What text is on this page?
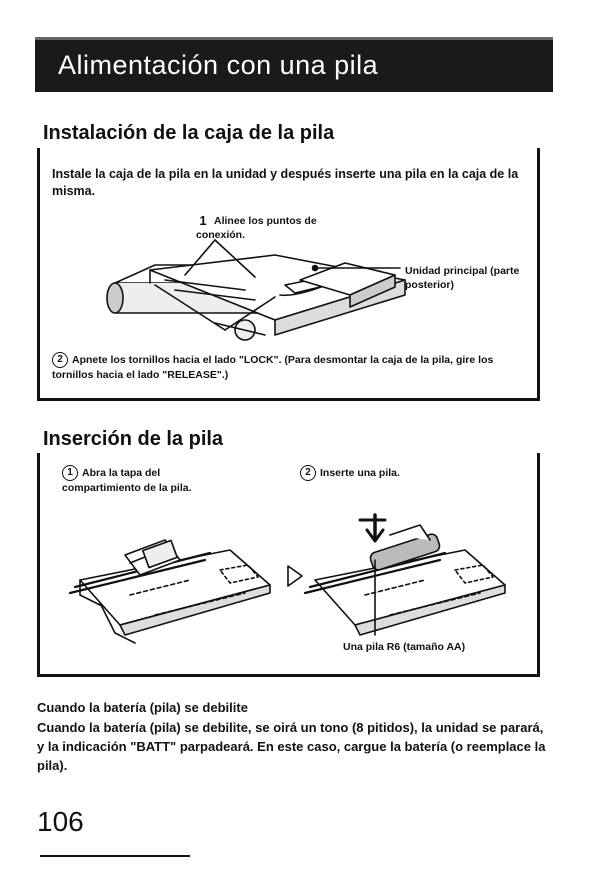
Alimentación con una pila
Instalación de la caja de la pila
Instale la caja de la pila en la unidad y después inserte una pila en la caja de la misma.
1 Alinee los puntos de conexión.
Unidad principal (parte posterior)
2 Apnete los tornillos hacia el lado "LOCK". (Para desmontar la caja de la pila, gire los tornillos hacia el lado "RELEASE".)
Inserción de la pila
1 Abra la tapa del compartimiento de la pila.
2 Inserte una pila.
Una pila R6 (tamaño AA)
Cuando la batería (pila) se debilite
Cuando la batería (pila) se debilite, se oirá un tono (8 pitidos), la unidad se parará, y la indicación "BATT" parpadeará. En este caso, cargue la batería (o reemplace la pila).
106
